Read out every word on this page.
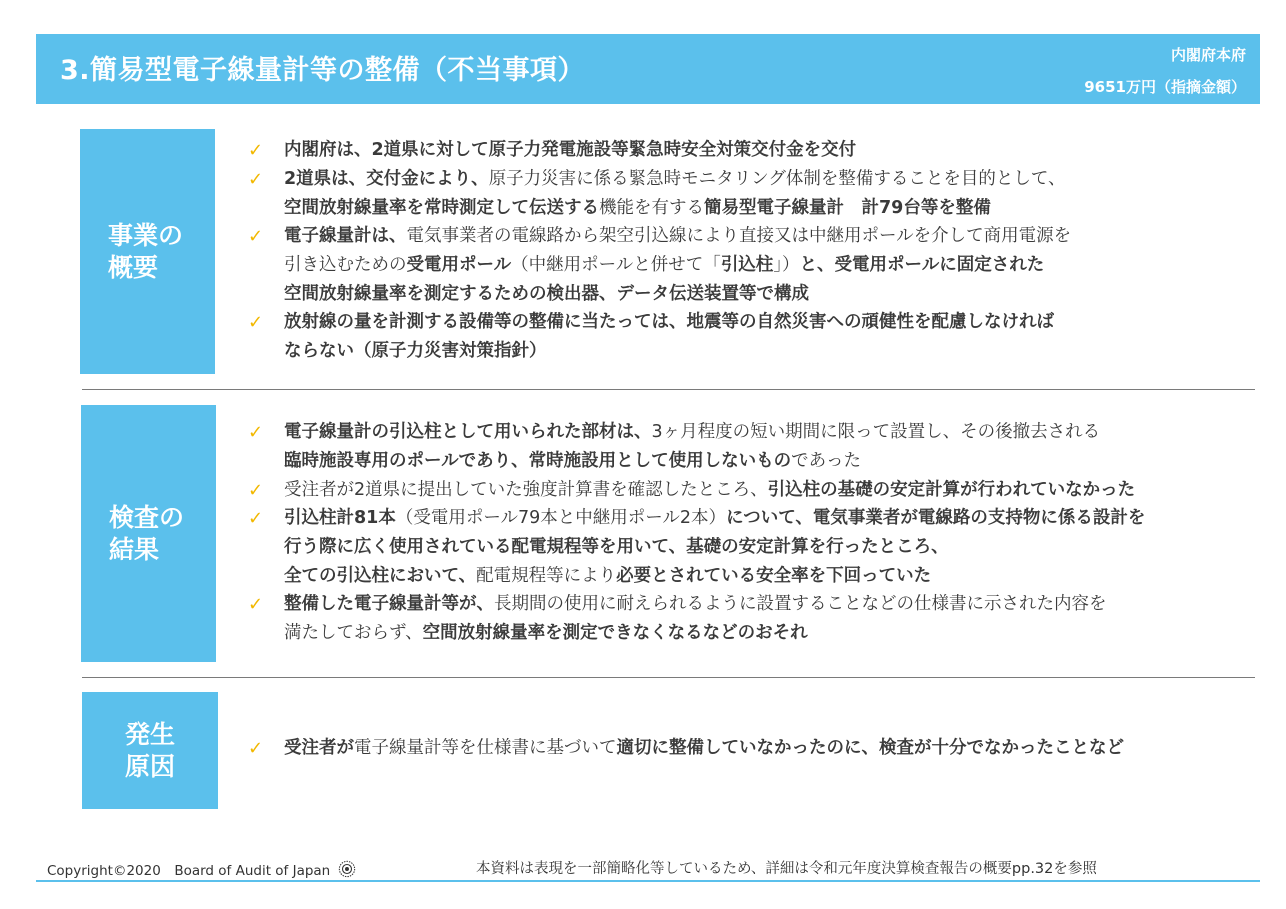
3.簡易型電子線量計等の整備（不当事項）	内閣府本府
9651万円（指摘金額）
事業の
概要
✓ 内閣府は、2道県に対して原子力発電施設等緊急時安全対策交付金を交付
✓ 2道県は、交付金により、原子力災害に係る緊急時モニタリング体制を整備することを目的として、
空間放射線量率を常時測定して伝送する機能を有する簡易型電子線量計　計79台等を整備
✓ 電子線量計は、電気事業者の電線路から架空引込線により直接又は中継用ポールを介して商用電源を
引き込むための受電用ポール（中継用ポールと併せて「引込柱」）と、受電用ポールに固定された
空間放射線量率を測定するための検出器、データ伝送装置等で構成
✓ 放射線の量を計測する設備等の整備に当たっては、地震等の自然災害への頑健性を配慮しなければ
ならない（原子力災害対策指針）
検査の
結果
✓ 電子線量計の引込柱として用いられた部材は、3ヶ月程度の短い期間に限って設置し、その後撤去される
臨時施設専用のポールであり、常時施設用として使用しないものであった
✓ 受注者が2道県に提出していた強度計算書を確認したところ、引込柱の基礎の安定計算が行われていなかった
✓ 引込柱計81本（受電用ポール79本と中継用ポール2本）について、電気事業者が電線路の支持物に係る設計を
行う際に広く使用されている配電規程等を用いて、基礎の安定計算を行ったところ、
全ての引込柱において、配電規程等により必要とされている安全率を下回っていた
✓ 整備した電子線量計等が、長期間の使用に耐えられるように設置することなどの仕様書に示された内容を
満たしておらず、空間放射線量率を測定できなくなるなどのおそれ
発生
原因
✓ 受注者が電子線量計等を仕様書に基づいて適切に整備していなかったのに、検査が十分でなかったことなど
Copyright©2020　Board of Audit of Japan	本資料は表現を一部簡略化等しているため、詳細は令和元年度決算検査報告の概要pp.32を参照
